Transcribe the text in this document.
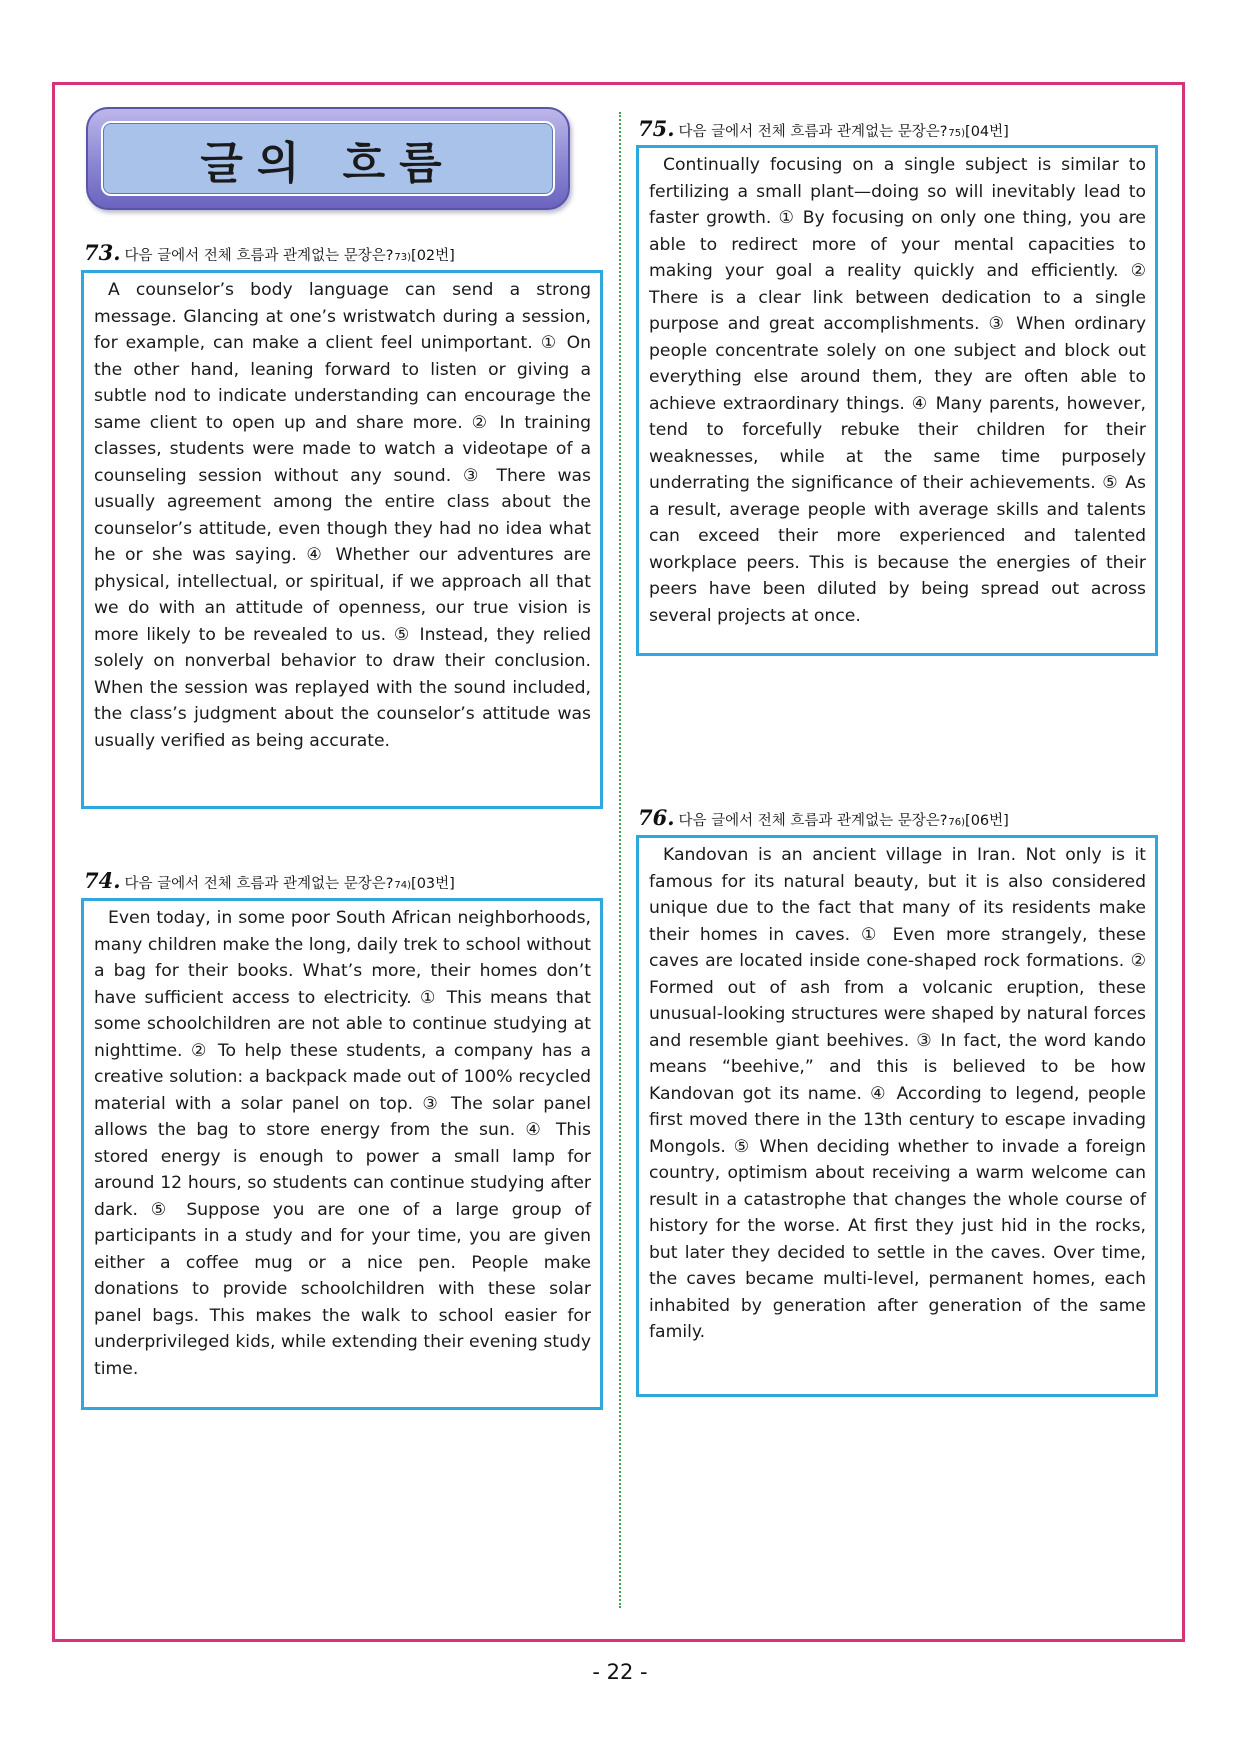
글의 흐름
73. 다음 글에서 전체 흐름과 관계없는 문장은? 73) [02번]

A counselor’s body language can send a strong message. Glancing at one’s wristwatch during a session, for example, can make a client feel unimportant. ① On the other hand, leaning forward to listen or giving a subtle nod to indicate understanding can encourage the same client to open up and share more. ② In training classes, students were made to watch a videotape of a counseling session without any sound. ③ There was usually agreement among the entire class about the counselor’s attitude, even though they had no idea what he or she was saying. ④ Whether our adventures are physical, intellectual, or spiritual, if we approach all that we do with an attitude of openness, our true vision is more likely to be revealed to us. ⑤ Instead, they relied solely on nonverbal behavior to draw their conclusion. When the session was replayed with the sound included, the class’s judgment about the counselor’s attitude was usually verified as being accurate.

74. 다음 글에서 전체 흐름과 관계없는 문장은? 74) [03번]

Even today, in some poor South African neighborhoods, many children make the long, daily trek to school without a bag for their books. What’s more, their homes don’t have sufficient access to electricity. ① This means that some schoolchildren are not able to continue studying at nighttime. ② To help these students, a company has a creative solution: a backpack made out of 100% recycled material with a solar panel on top. ③ The solar panel allows the bag to store energy from the sun. ④ This stored energy is enough to power a small lamp for around 12 hours, so students can continue studying after dark. ⑤ Suppose you are one of a large group of participants in a study and for your time, you are given either a coffee mug or a nice pen. People make donations to provide schoolchildren with these solar panel bags. This makes the walk to school easier for underprivileged kids, while extending their evening study time.

75. 다음 글에서 전체 흐름과 관계없는 문장은? 75) [04번]

Continually focusing on a single subject is similar to fertilizing a small plant—doing so will inevitably lead to faster growth. ① By focusing on only one thing, you are able to redirect more of your mental capacities to making your goal a reality quickly and efficiently. ② There is a clear link between dedication to a single purpose and great accomplishments. ③ When ordinary people concentrate solely on one subject and block out everything else around them, they are often able to achieve extraordinary things. ④ Many parents, however, tend to forcefully rebuke their children for their weaknesses, while at the same time purposely underrating the significance of their achievements. ⑤ As a result, average people with average skills and talents can exceed their more experienced and talented workplace peers. This is because the energies of their peers have been diluted by being spread out across several projects at once.

76. 다음 글에서 전체 흐름과 관계없는 문장은? 76) [06번]

Kandovan is an ancient village in Iran. Not only is it famous for its natural beauty, but it is also considered unique due to the fact that many of its residents make their homes in caves. ① Even more strangely, these caves are located inside cone-shaped rock formations. ② Formed out of ash from a volcanic eruption, these unusual-looking structures were shaped by natural forces and resemble giant beehives. ③ In fact, the word kando means “beehive,” and this is believed to be how Kandovan got its name. ④ According to legend, people first moved there in the 13th century to escape invading Mongols. ⑤ When deciding whether to invade a foreign country, optimism about receiving a warm welcome can result in a catastrophe that changes the whole course of history for the worse. At first they just hid in the rocks, but later they decided to settle in the caves. Over time, the caves became multi-level, permanent homes, each inhabited by generation after generation of the same family.

- 22 -
